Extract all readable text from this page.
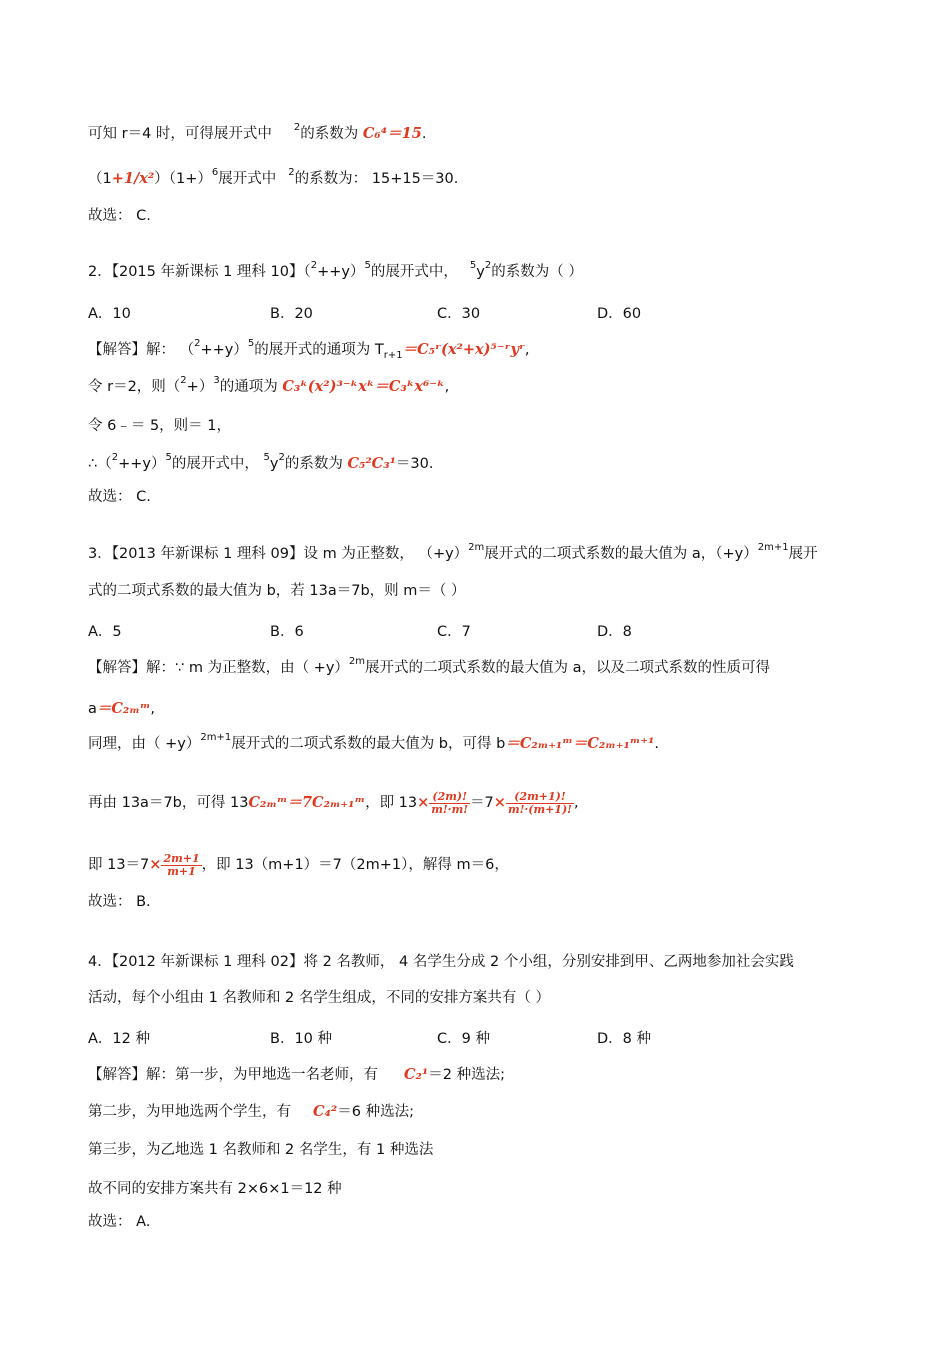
可知 r＝4 时，可得展开式中 $^2$的系数为 C₆⁴＝15.
$(1+1/x^2)(1+)^6$展开式中 $^2$的系数为： 15+15＝30.
故选： C.
2．【2015 年新课标 1 理科 10】$(^2++y)^5$的展开式中， $^5y^2$的系数为（ ）
A．10	B．20	C．30	D．60
【解答】解： $(^2++y)^5$的展开式的通项为 $T_{r+1}=C_5ʳ(x^2+x)^{5-}ʳyʳ$,
令 r＝2，则$(^2+)^3$的通项为 C₃ᵏ(x²)³⁻ᵏxᵏ＝C₃ᵏx⁶⁻ᵏ,
令 6﹣＝ 5，则＝ 1，
$\therefore(^2++y)^5$的展开式中， $^5y^2$的系数为 C₅²C₃¹＝30.
故选： C.
3．【2013 年新课标 1 理科 09】设 m 为正整数， $(+y)^{2m}$展开式的二项式系数的最大值为 a，$(+y)^{2m+1}$展开
式的二项式系数的最大值为 b，若 13a＝7b，则 m＝（ ）
A．5	B．6	C．7	D．8
【解答】解：∵ m 为正整数，由（ +y）$^{2m}$展开式的二项式系数的最大值为 a，以及二项式系数的性质可得
a＝C₂ₘᵐ,
同理，由（ +y）$^{2m+1}$展开式的二项式系数的最大值为 b，可得 b＝C₂ₘ₊₁ᵐ＝C₂ₘ₊₁ᵐ⁺¹.
再由 13a＝7b，可得 13C₂ₘᵐ＝7C₂ₘ₊₁ᵐ，即 $13\times \frac{(2m)!}{m!\cdot m!} =7\times \frac{(2m+1)!}{m!\cdot(m+1)!}$ ,
即 $13=7\times \frac{2m+1}{m+1}$ ，即 13（m+1）＝7（2m+1），解得 m＝6，
故选： B.
4．【2012 年新课标 1 理科 02】将 2 名教师， 4 名学生分成 2 个小组，分别安排到甲、乙两地参加社会实践
活动，每个小组由 1 名教师和 2 名学生组成，不同的安排方案共有（ ）
A．12 种	B．10 种	C．9 种	D．8 种
【解答】解：第一步，为甲地选一名老师，有 C₂¹＝2 种选法;
第二步，为甲地选两个学生，有 C₄²＝6 种选法;
第三步，为乙地选 1 名教师和 2 名学生，有 1 种选法
故不同的安排方案共有 2×6×1＝12 种
故选： A.
